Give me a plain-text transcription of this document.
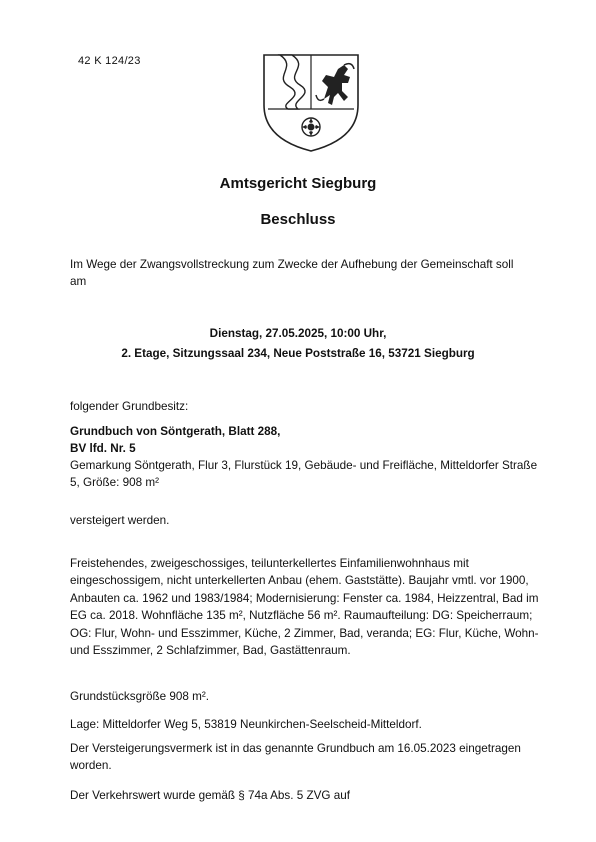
42 K 124/23
Amtsgericht Siegburg
Beschluss
Im Wege der Zwangsvollstreckung zum Zwecke der Aufhebung der Gemeinschaft soll am
Dienstag, 27.05.2025, 10:00 Uhr,
2. Etage, Sitzungssaal 234, Neue Poststraße 16, 53721 Siegburg
folgender Grundbesitz:
Grundbuch von Söntgerath, Blatt 288,
BV lfd. Nr. 5
Gemarkung Söntgerath, Flur 3, Flurstück 19, Gebäude- und Freifläche, Mitteldorfer Straße 5, Größe: 908 m²
versteigert werden.
Freistehendes, zweigeschossiges, teilunterkellertes Einfamilienwohnhaus mit eingeschossigem, nicht unterkellerten Anbau (ehem. Gaststätte). Baujahr vmtl. vor 1900, Anbauten ca. 1962 und 1983/1984; Modernisierung: Fenster ca. 1984, Heizzentral, Bad im EG ca. 2018. Wohnfläche 135 m², Nutzfläche 56 m². Raumaufteilung: DG: Speicherraum; OG: Flur, Wohn- und Esszimmer, Küche, 2 Zimmer, Bad, veranda; EG: Flur, Küche, Wohn- und Esszimmer, 2 Schlafzimmer, Bad, Gastättenraum.
Grundstücksgröße 908 m².
Lage: Mitteldorfer Weg 5, 53819 Neunkirchen-Seelscheid-Mitteldorf.
Der Versteigerungsvermerk ist in das genannte Grundbuch am 16.05.2023 eingetragen worden.
Der Verkehrswert wurde gemäß § 74a Abs. 5 ZVG auf
